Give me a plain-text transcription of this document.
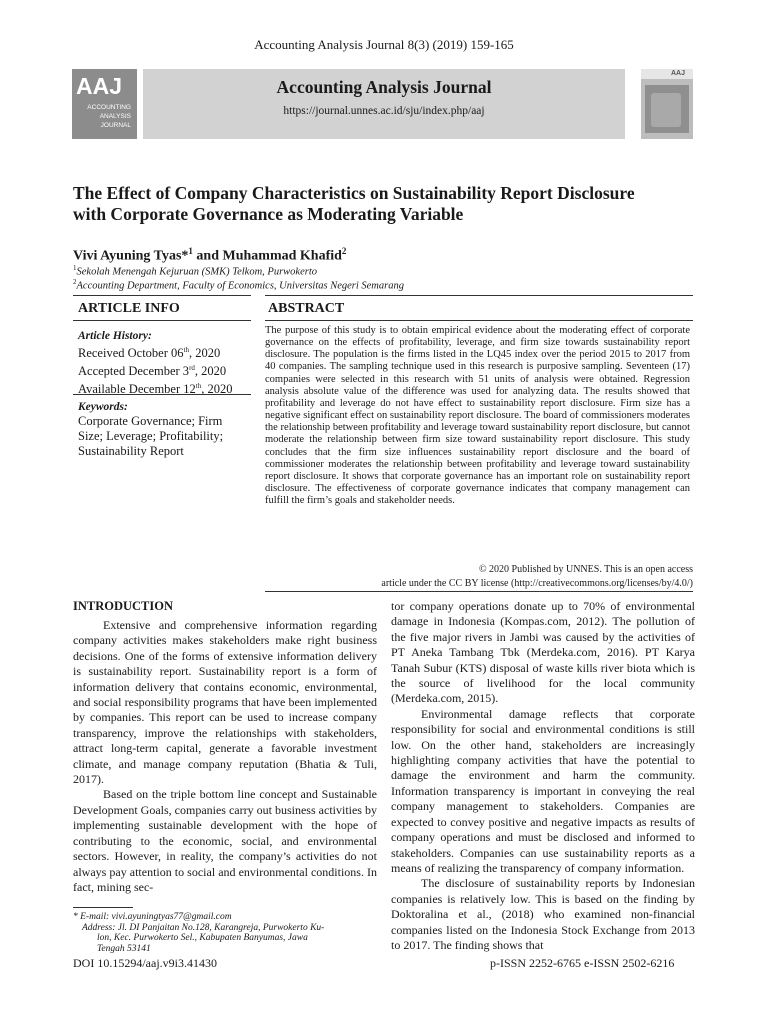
Accounting Analysis Journal 8(3) (2019) 159-165
AAJ
ACCOUNTING
ANALYSIS
JOURNAL
Accounting Analysis Journal
https://journal.unnes.ac.id/sju/index.php/aaj
AAJ
The Effect of Company Characteristics on Sustainability Report Disclosure
with Corporate Governance as Moderating Variable
Vivi Ayuning Tyas*$^1$ and Muhammad Khafid$^2$
$^1$Sekolah Menengah Kejuruan (SMK) Telkom, Purwokerto
$^2$Accounting Department, Faculty of Economics, Universitas Negeri Semarang
ARTICLE INFO
Article History:
Received October 06th, 2020
Accepted December 3rd, 2020
Available December 12th, 2020
Keywords:
Corporate Governance; Firm
Size; Leverage; Profitability;
Sustainability Report
ABSTRACT
The purpose of this study is to obtain empirical evidence about the moderating effect of corporate governance on the effects of profitability, leverage, and firm size towards sustainability report disclosure. The population is the firms listed in the LQ45 index over the period 2015 to 2017 from 40 companies. The sampling technique used in this research is purposive sampling. Seventeen (17) companies were selected in this research with 51 units of analysis were obtained. Regression analysis absolute value of the difference was used for analyzing data. The results showed that profitability and leverage do not have effect to sustainability report disclosure. Firm size has a negative significant effect on sustainability report disclosure. The board of commissioners moderates the relationship between profitability and leverage toward sustainability report disclosure, but cannot moderate the relationship between firm size toward sustainability report disclosure. This study concludes that the firm size influences sustainability report disclosure and the board of commissioner moderates the relationship between profitability and leverage toward sustainability report disclosure. It shows that corporate governance has an important role on sustainability report disclosure. The effectiveness of corporate governance indicates that company management can fulfill the firm’s goals and stakeholder needs.
© 2020 Published by UNNES. This is an open access
article under the CC BY license (http://creativecommons.org/licenses/by/4.0/)
INTRODUCTION

Extensive and comprehensive information regarding company activities makes stakeholders make right business decisions. One of the forms of extensive information delivery is sustainability report. Sustainability report is a form of information delivery that contains economic, environmental, and social responsibility programs that have been implemented by companies. This report can be used to increase company transparency, improve the relationships with stakeholders, attract long-term capital, generate a favorable investment climate, and manage company reputation (Bhatia & Tuli, 2017).

Based on the triple bottom line concept and Sustainable Development Goals, companies carry out business activities by implementing sustainable development with the hope of contributing to the economic, social, and environmental sectors. However, in reality, the company’s activities do not always pay attention to social and environmental conditions. In fact, mining sec-

tor company operations donate up to 70% of environmental damage in Indonesia (Kompas.com, 2012). The pollution of the five major rivers in Jambi was caused by the activities of PT Aneka Tambang Tbk (Merdeka.com, 2016). PT Karya Tanah Subur (KTS) disposal of waste kills river biota which is the source of livelihood for the local community (Merdeka.com, 2015).

Environmental damage reflects that corporate responsibility for social and environmental conditions is still low. On the other hand, stakeholders are increasingly highlighting company activities that have the potential to damage the environment and harm the community. Information transparency is important in conveying the real company management to stakeholders. Companies are expected to convey positive and negative impacts as results of company operations and must be disclosed and informed to stakeholders. Companies can use sustainability reports as a means of realizing the transparency of company information.

The disclosure of sustainability reports by Indonesian companies is relatively low. This is based on the finding by Doktoralina et al., (2018) who examined non-financial companies listed on the Indonesia Stock Exchange from 2013 to 2017. The finding shows that

* E-mail: vivi.ayuningtyas77@gmail.com
Address: Jl. DI Panjaitan No.128, Karangreja, Purwokerto Ku-
lon, Kec. Purwokerto Sel., Kabupaten Banyumas, Jawa
Tengah 53141
DOI 10.15294/aaj.v9i3.41430	p-ISSN 2252-6765 e-ISSN 2502-6216
